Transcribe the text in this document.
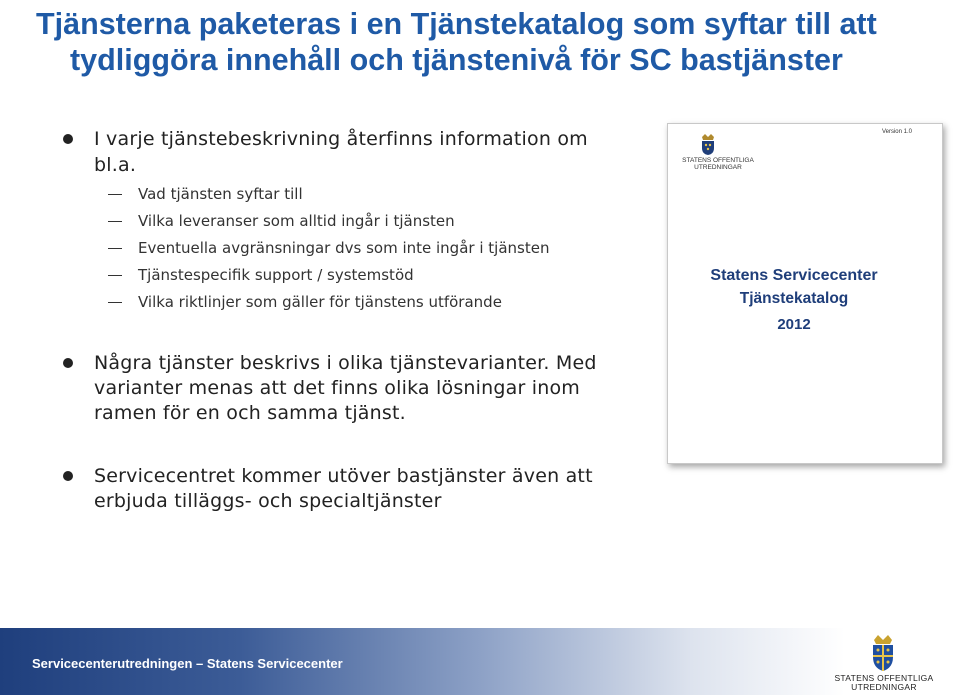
Tjänsterna paketeras i en Tjänstekatalog som syftar till att
tydliggöra innehåll och tjänstenivå för SC bastjänster
I varje tjänstebeskrivning återfinns information om
bl.a.
Vad tjänsten syftar till
Vilka leveranser som alltid ingår i tjänsten
Eventuella avgränsningar dvs som inte ingår i tjänsten
Tjänstespecifik support / systemstöd
Vilka riktlinjer som gäller för tjänstens utförande
Några tjänster beskrivs i olika tjänstevarianter. Med
varianter menas att det finns olika lösningar inom
ramen för en och samma tjänst.
Servicecentret kommer utöver bastjänster även att
erbjuda tilläggs- och specialtjänster
Version 1.0
STATENS OFFENTLIGA
UTREDNINGAR
Statens Servicecenter
Tjänstekatalog
2012
Servicecenterutredningen – Statens Servicecenter
STATENS OFFENTLIGA
UTREDNINGAR
